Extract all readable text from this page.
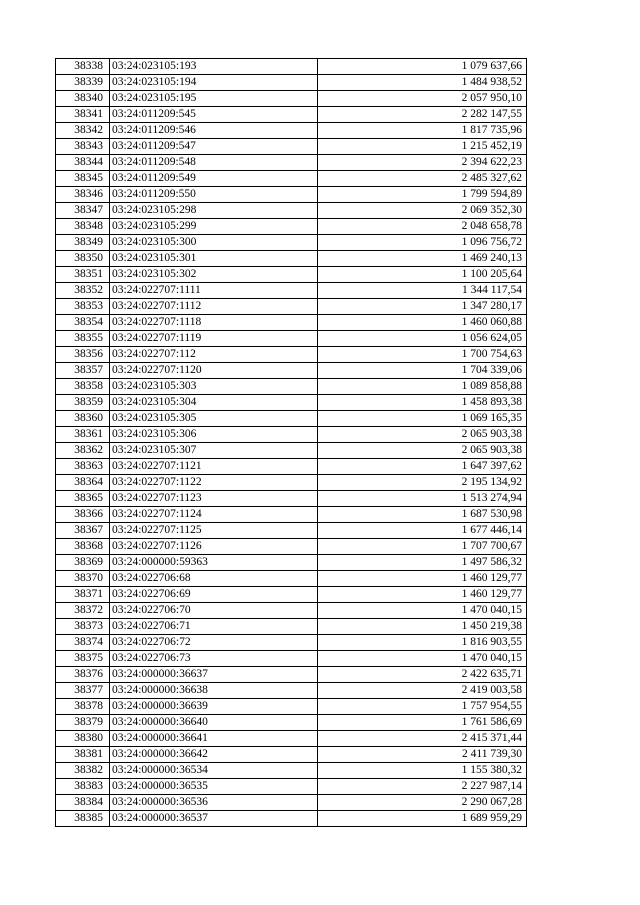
38338	03:24:023105:193	1 079 637,66
38339	03:24:023105:194	1 484 938,52
38340	03:24:023105:195	2 057 950,10
38341	03:24:011209:545	2 282 147,55
38342	03:24:011209:546	1 817 735,96
38343	03:24:011209:547	1 215 452,19
38344	03:24:011209:548	2 394 622,23
38345	03:24:011209:549	2 485 327,62
38346	03:24:011209:550	1 799 594,89
38347	03:24:023105:298	2 069 352,30
38348	03:24:023105:299	2 048 658,78
38349	03:24:023105:300	1 096 756,72
38350	03:24:023105:301	1 469 240,13
38351	03:24:023105:302	1 100 205,64
38352	03:24:022707:1111	1 344 117,54
38353	03:24:022707:1112	1 347 280,17
38354	03:24:022707:1118	1 460 060,88
38355	03:24:022707:1119	1 056 624,05
38356	03:24:022707:112	1 700 754,63
38357	03:24:022707:1120	1 704 339,06
38358	03:24:023105:303	1 089 858,88
38359	03:24:023105:304	1 458 893,38
38360	03:24:023105:305	1 069 165,35
38361	03:24:023105:306	2 065 903,38
38362	03:24:023105:307	2 065 903,38
38363	03:24:022707:1121	1 647 397,62
38364	03:24:022707:1122	2 195 134,92
38365	03:24:022707:1123	1 513 274,94
38366	03:24:022707:1124	1 687 530,98
38367	03:24:022707:1125	1 677 446,14
38368	03:24:022707:1126	1 707 700,67
38369	03:24:000000:59363	1 497 586,32
38370	03:24:022706:68	1 460 129,77
38371	03:24:022706:69	1 460 129,77
38372	03:24:022706:70	1 470 040,15
38373	03:24:022706:71	1 450 219,38
38374	03:24:022706:72	1 816 903,55
38375	03:24:022706:73	1 470 040,15
38376	03:24:000000:36637	2 422 635,71
38377	03:24:000000:36638	2 419 003,58
38378	03:24:000000:36639	1 757 954,55
38379	03:24:000000:36640	1 761 586,69
38380	03:24:000000:36641	2 415 371,44
38381	03:24:000000:36642	2 411 739,30
38382	03:24:000000:36534	1 155 380,32
38383	03:24:000000:36535	2 227 987,14
38384	03:24:000000:36536	2 290 067,28
38385	03:24:000000:36537	1 689 959,29
